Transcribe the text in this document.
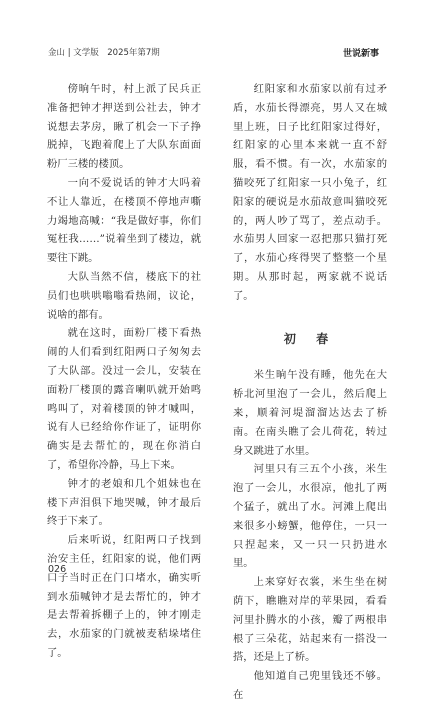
金山 | 文学版　2025年第7期	世说新事

傍晌午时，村上派了民兵正准备把钟才押送到公社去，钟才说想去茅房，瞅了机会一下子挣脱掉，飞跑着爬上了大队东面面粉厂三楼的楼顶。

一向不爱说话的钟才大吗着不让人靠近，在楼顶不停地声嘶力竭地高喊：“我是做好事，你们冤枉我……”说着坐到了楼边，就要往下跳。

大队当然不信，楼底下的社员们也哄哄嗡嗡看热闹，议论，说啥的都有。

就在这时，面粉厂楼下看热闹的人们看到红阳两口子匆匆去了大队部。没过一会儿，安装在面粉厂楼顶的露音喇叭就开始鸣鸣叫了，对着楼顶的钟才喊叫，说有人已经给你作证了，证明你确实是去帮忙的，现在你消白了，希望你冷静，马上下来。

钟才的老娘和几个姐妹也在楼下声泪俱下地哭喊，钟才最后终于下来了。

后来听说，红阳两口子找到治安主任，红阳家的说，他们两口子当时正在门口堵水，确实听到水茄喊钟才是去帮忙的，钟才是去帮着拆棚子上的，钟才刚走去，水茄家的门就被麦秸垛堵住了。

红阳家和水茄家以前有过矛盾，水茄长得漂亮，男人又在城里上班，日子比红阳家过得好，红阳家的心里本来就一直不舒服，看不惯。有一次，水茄家的猫咬死了红阳家一只小兔子，红阳家的硬说是水茄故意叫猫咬死的，两人吵了骂了，差点动手。水茄男人回家一忍把那只猫打死了，水茄心疼得哭了整整一个星期。从那时起，两家就不说话了。

初 春

米生晌午没有睡，他先在大桥北河里泡了一会儿，然后爬上来，顺着河堤溜溜达达去了桥南。在南头瞧了会儿荷花，转过身又跳进了水里。

河里只有三五个小孩，米生泡了一会儿，水很凉，他扎了两个猛子，就出了水。河滩上爬出来很多小螃蟹，他停住，一只一只捏起来，又一只一只扔进水里。

上来穿好衣裳，米生坐在树荫下，瞧瞧对岸的苹果园，看看河里扑腾水的小孩，瓣了两根串根了三朵花，站起来有一搭没一搭，还是上了桥。

他知道自己兜里钱还不够。在

026
